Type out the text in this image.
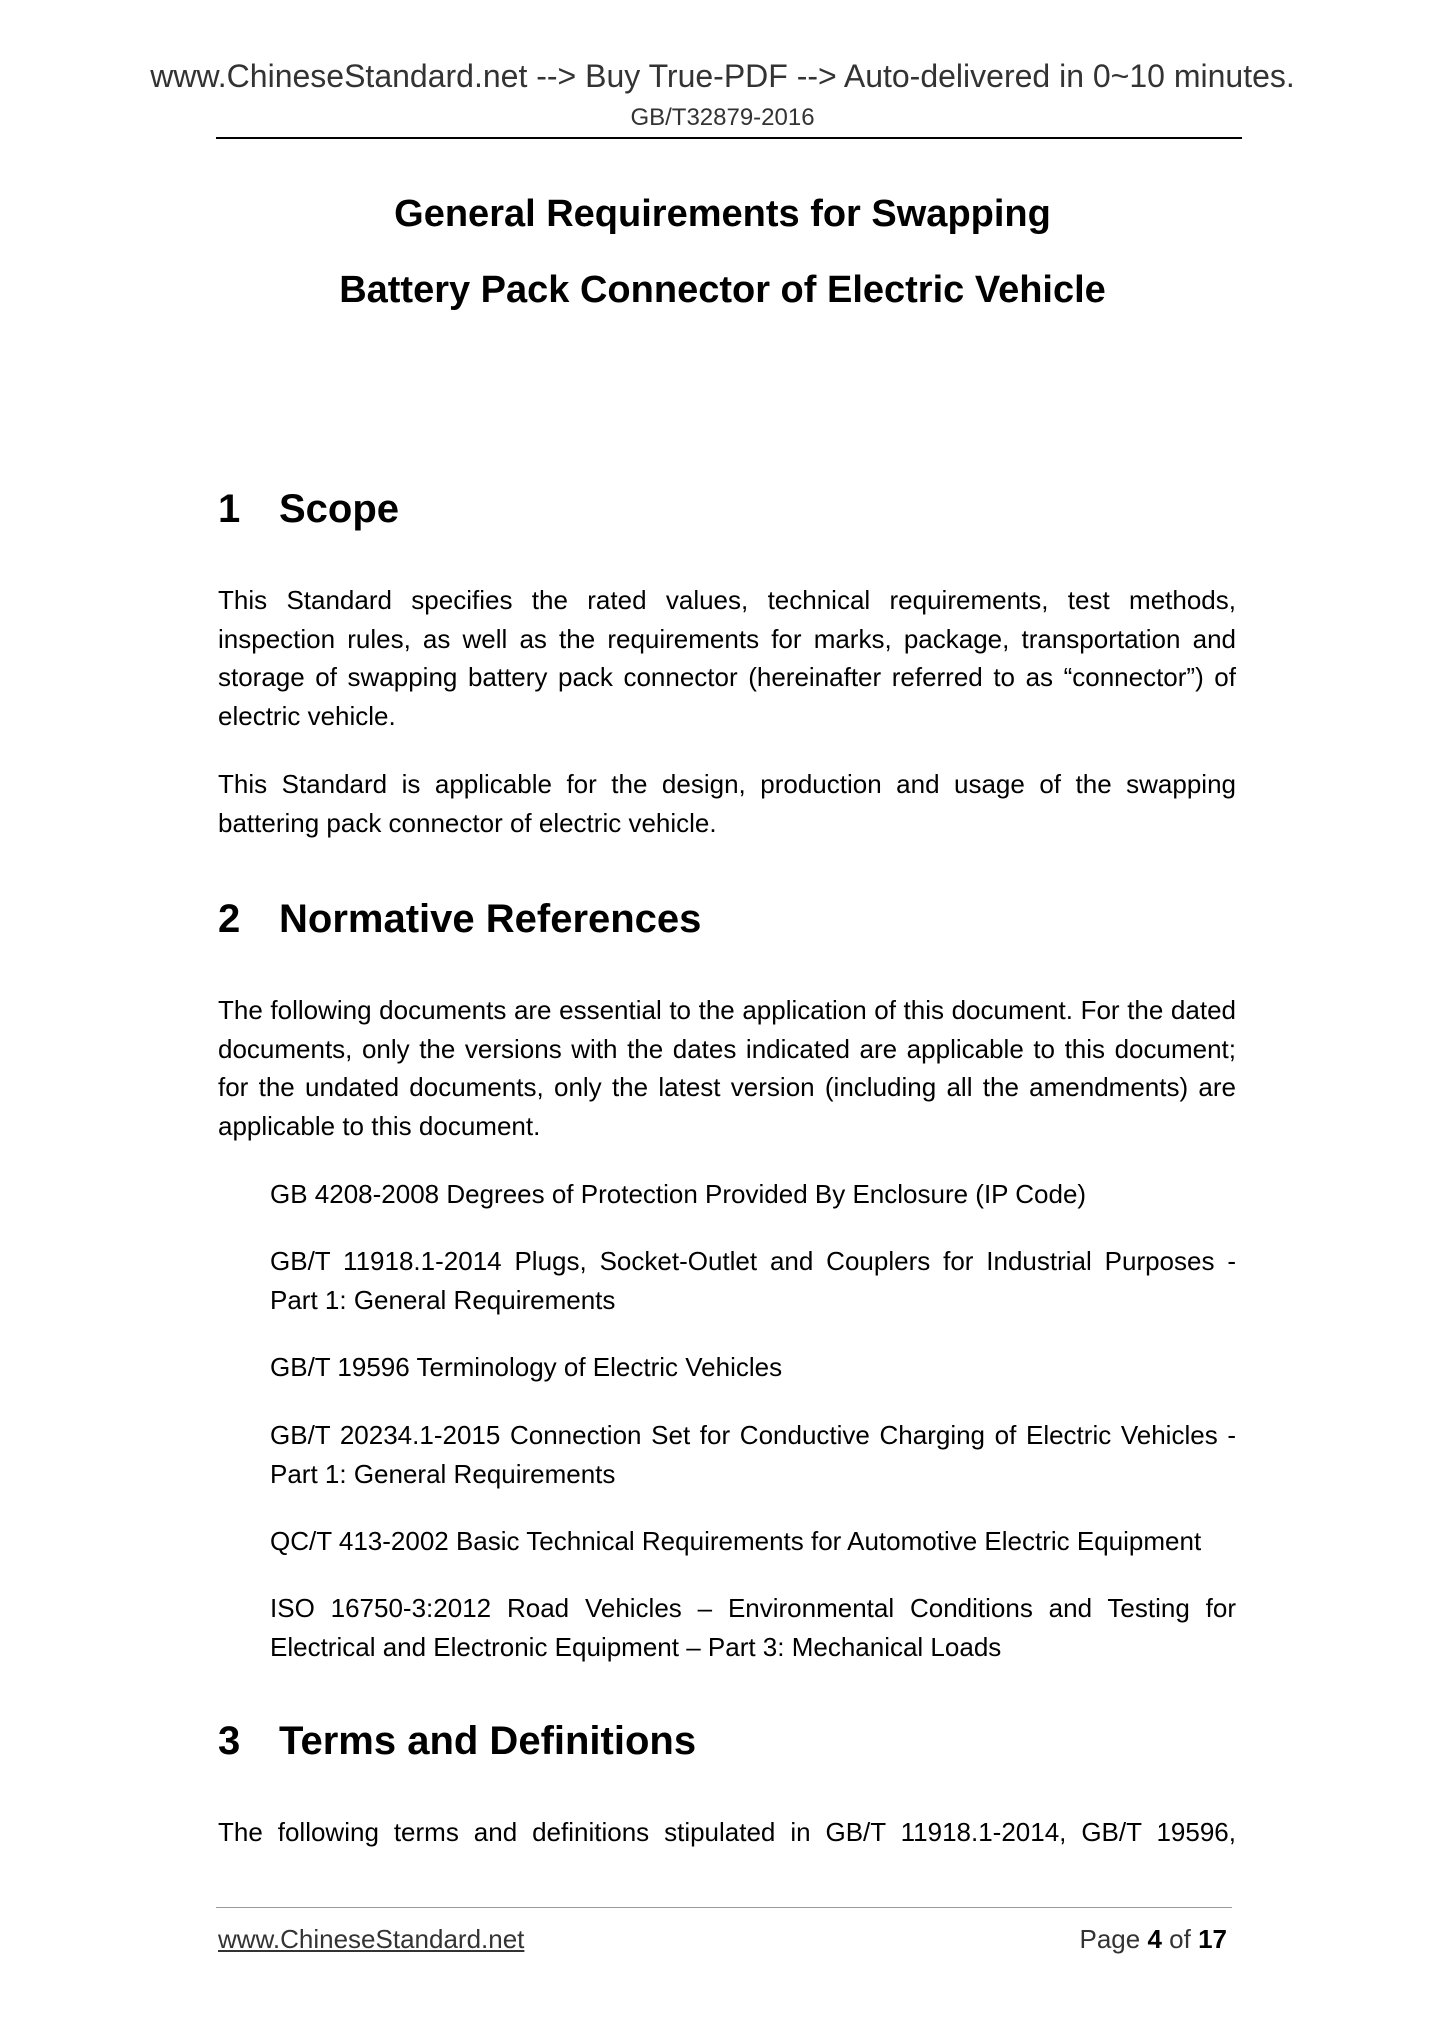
www.ChineseStandard.net --> Buy True-PDF --> Auto-delivered in 0~10 minutes.
GB/T32879-2016
General Requirements for Swapping
Battery Pack Connector of Electric Vehicle
1 Scope
This Standard specifies the rated values, technical requirements, test methods, inspection rules, as well as the requirements for marks, package, transportation and storage of swapping battery pack connector (hereinafter referred to as “connector”) of electric vehicle.
This Standard is applicable for the design, production and usage of the swapping battering pack connector of electric vehicle.
2 Normative References
The following documents are essential to the application of this document. For the dated documents, only the versions with the dates indicated are applicable to this document; for the undated documents, only the latest version (including all the amendments) are applicable to this document.
GB 4208-2008 Degrees of Protection Provided By Enclosure (IP Code)
GB/T 11918.1-2014 Plugs, Socket-Outlet and Couplers for Industrial Purposes - Part 1: General Requirements
GB/T 19596 Terminology of Electric Vehicles
GB/T 20234.1-2015 Connection Set for Conductive Charging of Electric Vehicles - Part 1: General Requirements
QC/T 413-2002 Basic Technical Requirements for Automotive Electric Equipment
ISO 16750-3:2012 Road Vehicles – Environmental Conditions and Testing for Electrical and Electronic Equipment – Part 3: Mechanical Loads
3 Terms and Definitions
The following terms and definitions stipulated in GB/T 11918.1-2014, GB/T 19596,
www.ChineseStandard.net	Page 4 of 17
